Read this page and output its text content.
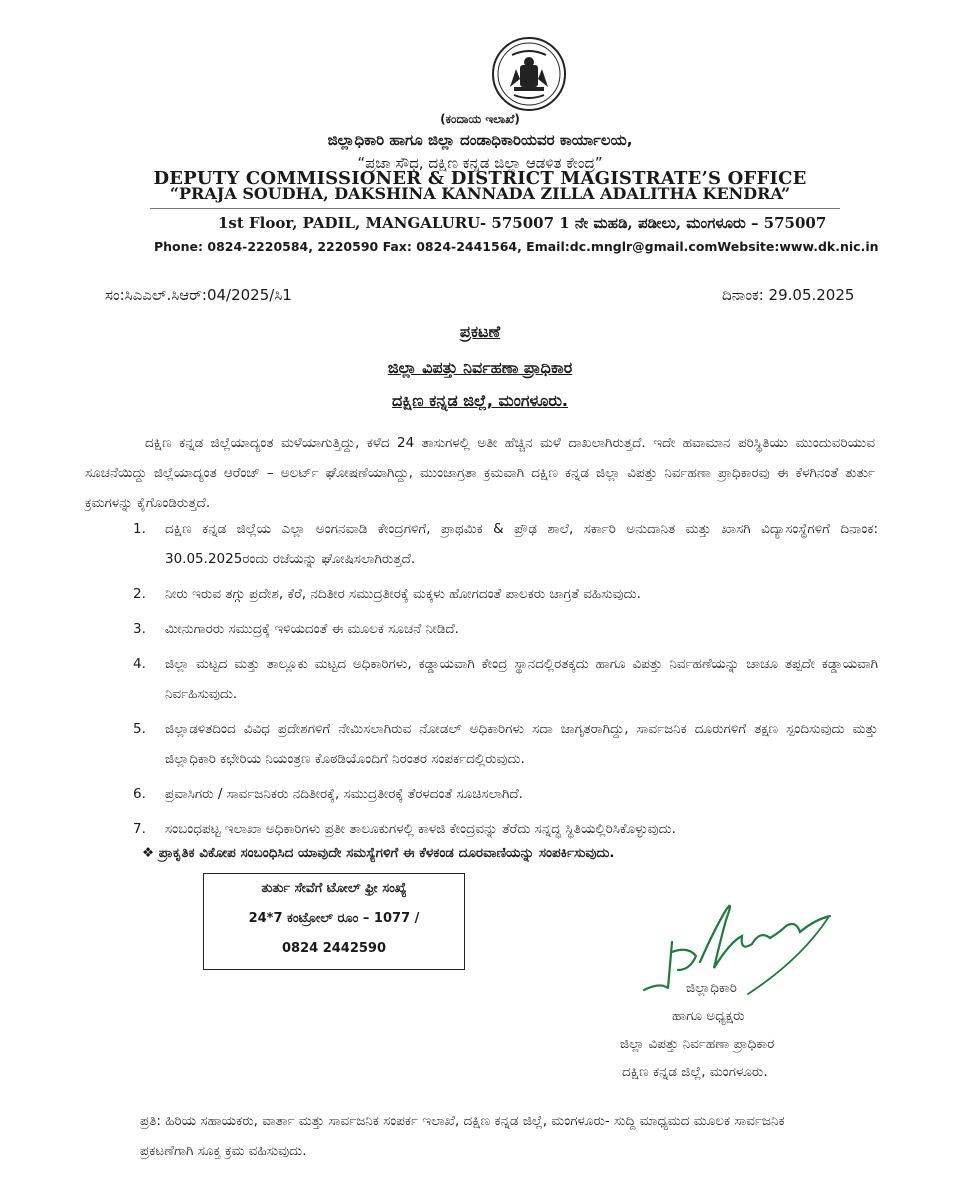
(ಕಂದಾಯ ಇಲಾಖೆ)
ಜಿಲ್ಲಾಧಿಕಾರಿ ಹಾಗೂ ಜಿಲ್ಲಾ ದಂಡಾಧಿಕಾರಿಯವರ ಕಾರ್ಯಾಲಯ,
“ಪ್ರಜಾ ಸೌಧ, ದಕ್ಷಿಣ ಕನ್ನಡ ಜಿಲ್ಲಾ ಆಡಳಿತ ಕೇಂದ್ರ”
DEPUTY COMMISSIONER & DISTRICT MAGISTRATE’S OFFICE
“PRAJA SOUDHA, DAKSHINA KANNADA ZILLA ADALITHA KENDRA”
1st Floor, PADIL, MANGALURU- 575007 1 ನೇ ಮಹಡಿ, ಪಡೀಲು, ಮಂಗಳೂರು – 575007
Phone: 0824-2220584, 2220590 Fax: 0824-2441564, Email:dc.mnglr@gmail.comWebsite:www.dk.nic.in
ಸಂ:ಸಿಎಎಲ್.ಸಿಆರ್:04/2025/ಸಿ1	ದಿನಾಂಕ: 29.05.2025
ಪ್ರಕಟಣೆ
ಜಿಲ್ಲಾ ವಿಪತ್ತು ನಿರ್ವಹಣಾ ಪ್ರಾಧಿಕಾರ
ದಕ್ಷಿಣ ಕನ್ನಡ ಜಿಲ್ಲೆ, ಮಂಗಳೂರು.

ದಕ್ಷಿಣ ಕನ್ನಡ ಜಿಲ್ಲೆಯಾದ್ಯಂತ ಮಳೆಯಾಗುತ್ತಿದ್ದು, ಕಳೆದ 24 ತಾಸುಗಳಲ್ಲಿ ಅತೀ ಹೆಚ್ಚಿನ ಮಳೆ ದಾಖಲಾಗಿರುತ್ತದೆ. ಇದೇ ಹವಾಮಾನ ಪರಿಸ್ಥಿತಿಯು ಮುಂದುವರಿಯುವ ಸೂಚನೆಯಿದ್ದು ಜಿಲ್ಲೆಯಾದ್ಯಂತ ಆರೆಂಜ್ – ಅಲರ್ಟ್ ಘೋಷಣೆಯಾಗಿದ್ದು, ಮುಂಜಾಗ್ರತಾ ಕ್ರಮವಾಗಿ ದಕ್ಷಿಣ ಕನ್ನಡ ಜಿಲ್ಲಾ ವಿಪತ್ತು ನಿರ್ವಹಣಾ ಪ್ರಾಧಿಕಾರವು ಈ ಕೆಳಗಿನಂತೆ ತುರ್ತು ಕ್ರಮಗಳನ್ನು ಕೈಗೊಂಡಿರುತ್ತದೆ.

1. ದಕ್ಷಿಣ ಕನ್ನಡ ಜಿಲ್ಲೆಯ ಎಲ್ಲಾ ಅಂಗನವಾಡಿ ಕೇಂದ್ರಗಳಿಗೆ, ಪ್ರಾಥಮಿಕ & ಪ್ರೌಢ ಶಾಲೆ, ಸರ್ಕಾರಿ ಅನುದಾನಿತ ಮತ್ತು ಖಾಸಗಿ ವಿದ್ಯಾಸಂಸ್ಥೆಗಳಿಗೆ ದಿನಾಂಕ: 30.05.2025ರಂದು ರಜೆಯನ್ನು ಘೋಷಿಸಲಾಗಿರುತ್ತದೆ.
2. ನೀರು ಇರುವ ತಗ್ಗು ಪ್ರದೇಶ, ಕೆರೆ, ನದಿತೀರ ಸಮುದ್ರತೀರಕ್ಕೆ ಮಕ್ಕಳು ಹೋಗದಂತೆ ಪಾಲಕರು ಜಾಗ್ರತೆ ವಹಿಸುವುದು.
3. ಮೀನುಗಾರರು ಸಮುದ್ರಕ್ಕೆ ಇಳಿಯದಂತೆ ಈ ಮೂಲಕ ಸೂಚನೆ ನೀಡಿದೆ.
4. ಜಿಲ್ಲಾ ಮಟ್ಟದ ಮತ್ತು ತಾಲ್ಲೂಕು ಮಟ್ಟದ ಅಧಿಕಾರಿಗಳು, ಕಡ್ಡಾಯವಾಗಿ ಕೇಂದ್ರ ಸ್ಥಾನದಲ್ಲಿರತಕ್ಕದು ಹಾಗೂ ವಿಪತ್ತು ನಿರ್ವಹಣೆಯನ್ನು ಚಾಚೂ ತಪ್ಪದೇ ಕಡ್ಡಾಯವಾಗಿ ನಿರ್ವಹಿಸುವುದು.
5. ಜಿಲ್ಲಾಡಳಿತದಿಂದ ವಿವಿಧ ಪ್ರದೇಶಗಳಿಗೆ ನೇಮಿಸಲಾಗಿರುವ ನೋಡಲ್ ಅಧಿಕಾರಿಗಳು ಸದಾ ಜಾಗೃತರಾಗಿದ್ದು, ಸಾರ್ವಜನಿಕ ದೂರುಗಳಿಗೆ ತಕ್ಷಣ ಸ್ಪಂದಿಸುವುದು ಮತ್ತು ಜಿಲ್ಲಾಧಿಕಾರಿ ಕಛೇರಿಯ ನಿಯಂತ್ರಣ ಕೊಠಡಿಯೊಂದಿಗೆ ನಿರಂತರ ಸಂಪರ್ಕದಲ್ಲಿರುವುದು.
6. ಪ್ರವಾಸಿಗರು / ಸಾರ್ವಜನಿಕರು ನದಿತೀರಕ್ಕೆ, ಸಮುದ್ರತೀರಕ್ಕೆ ತೆರಳದಂತೆ ಸೂಚಿಸಲಾಗಿದೆ.
7. ಸಂಬಂಧಪಟ್ಟ ಇಲಾಖಾ ಅಧಿಕಾರಿಗಳು ಪ್ರತೀ ತಾಲೂಕುಗಳಲ್ಲಿ ಕಾಳಜಿ ಕೇಂದ್ರವನ್ನು ತೆರೆದು ಸನ್ನದ್ಧ ಸ್ಥಿತಿಯಲ್ಲಿರಿಸಿಕೊಳ್ಳುವುದು.
❖ ಪ್ರಾಕೃತಿಕ ವಿಕೋಪ ಸಂಬಂಧಿಸಿದ ಯಾವುದೇ ಸಮಸ್ಯೆಗಳಿಗೆ ಈ ಕೆಳಕಂಡ ದೂರವಾಣಿಯನ್ನು ಸಂಪರ್ಕಿಸುವುದು.
ತುರ್ತು ಸೇವೆಗೆ ಟೋಲ್ ಫ್ರೀ ಸಂಖ್ಯೆ
24*7 ಕಂಟ್ರೋಲ್ ರೂಂ – 1077 /
0824 2442590
ಜಿಲ್ಲಾಧಿಕಾರಿ
ಹಾಗೂ ಅಧ್ಯಕ್ಷರು
ಜಿಲ್ಲಾ ವಿಪತ್ತು ನಿರ್ವಹಣಾ ಪ್ರಾಧಿಕಾರ
ದಕ್ಷಿಣ ಕನ್ನಡ ಜಿಲ್ಲೆ, ಮಂಗಳೂರು.

ಪ್ರತಿ: ಹಿರಿಯ ಸಹಾಯಕರು, ವಾರ್ತಾ ಮತ್ತು ಸಾರ್ವಜನಿಕ ಸಂಪರ್ಕ ಇಲಾಖೆ, ದಕ್ಷಿಣ ಕನ್ನಡ ಜಿಲ್ಲೆ, ಮಂಗಳೂರು- ಸುದ್ದಿ ಮಾಧ್ಯಮದ ಮೂಲಕ ಸಾರ್ವಜನಿಕ ಪ್ರಕಟಣೆಗಾಗಿ ಸೂಕ್ತ ಕ್ರಮ ವಹಿಸುವುದು.
